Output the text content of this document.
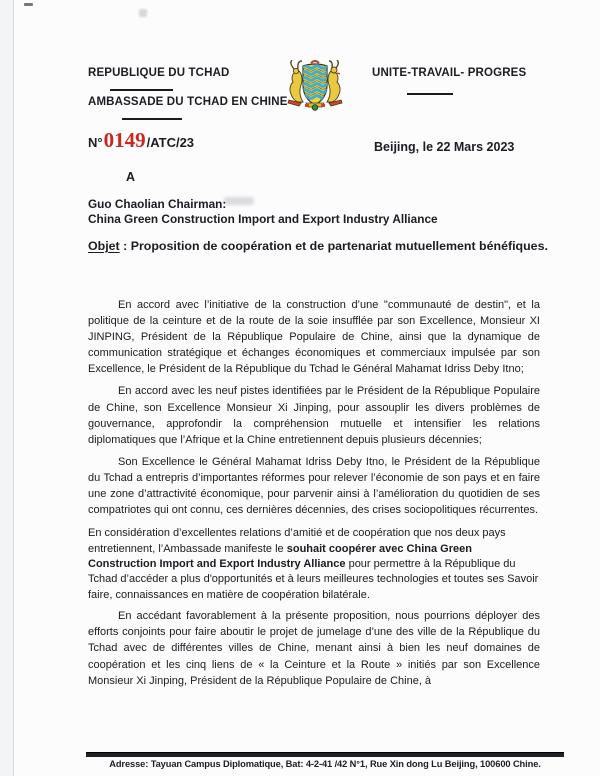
REPUBLIQUE DU TCHAD
AMBASSADE DU TCHAD EN CHINE
UNITE-TRAVAIL- PROGRES
N° 0149 /ATC/23	Beijing, le 22 Mars 2023
A
Guo Chaolian Chairman:
China Green Construction Import and Export Industry Alliance
Objet : Proposition de coopération et de partenariat mutuellement bénéfiques.

En accord avec l’initiative de la construction d’une "communauté de destin", et la politique de la ceinture et de la route de la soie insufflée par son Excellence, Monsieur XI JINPING, Président de la République Populaire de Chine, ainsi que la dynamique de communication stratégique et échanges économiques et commerciaux impulsée par son Excellence, le Président de la République du Tchad le Général Mahamat Idriss Deby Itno;

En accord avec les neuf pistes identifiées par le Président de la République Populaire de Chine, son Excellence Monsieur Xi Jinping, pour assouplir les divers problèmes de gouvernance, approfondir la compréhension mutuelle et intensifier les relations diplomatiques que l’Afrique et la Chine entretiennent depuis plusieurs décennies;

Son Excellence le Général Mahamat Idriss Deby Itno, le Président de la République du Tchad a entrepris d’importantes réformes pour relever l’économie de son pays et en faire une zone d’attractivité économique, pour parvenir ainsi à l’amélioration du quotidien de ses compatriotes qui ont connu, ces dernières décennies, des crises sociopolitiques récurrentes.

En considération d’excellentes relations d’amitié et de coopération que nos deux pays entretiennent, l’Ambassade manifeste le souhait coopérer avec China Green Construction Import and Export Industry Alliance pour permettre à la République du Tchad d’accéder a plus d'opportunités et à leurs meilleures technologies et toutes ses Savoir faire, connaissances en matière de coopération bilatérale.

En accédant favorablement à la présente proposition, nous pourrions déployer des efforts conjoints pour faire aboutir le projet de jumelage d’une des ville de la République du Tchad avec de différentes villes de Chine, menant ainsi à bien les neuf domaines de coopération et les cinq liens de « la Ceinture et la Route » initiés par son Excellence Monsieur Xi Jinping, Président de la République Populaire de Chine, à

Adresse: Tayuan Campus Diplomatique, Bat: 4-2-41 /42 N°1, Rue Xin dong Lu Beijing, 100600 Chine.
